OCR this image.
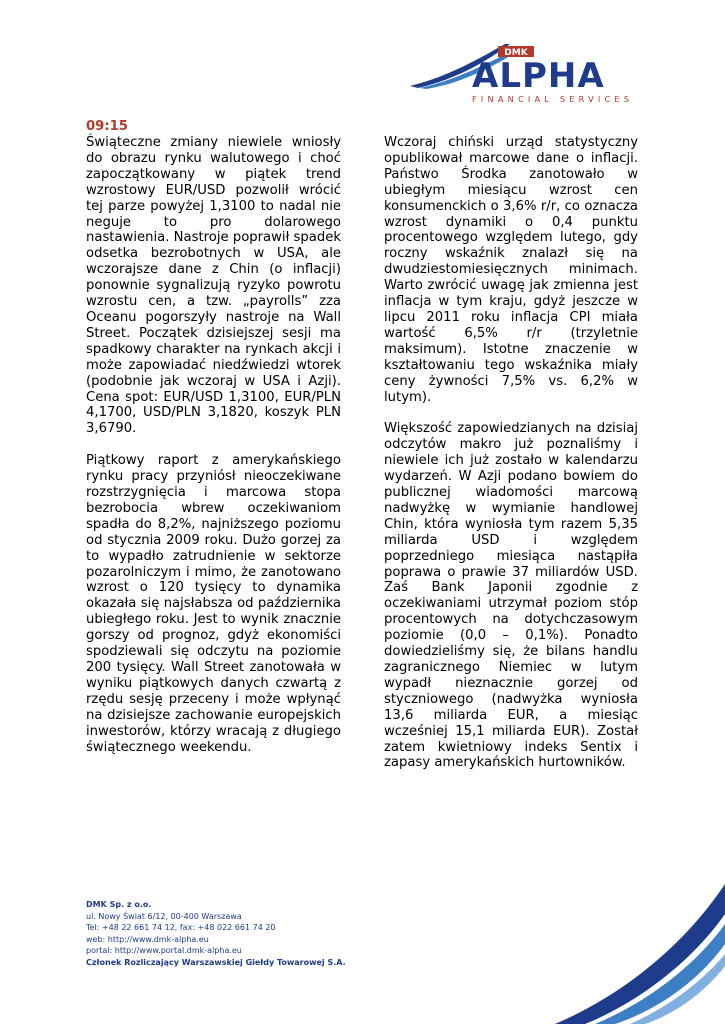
DMK
ALPHA
FINANCIAL SERVICES
09:15

Świąteczne zmiany niewiele wniosły do obrazu rynku walutowego i choć zapoczątkowany w piątek trend wzrostowy EUR/USD pozwolił wrócić tej parze powyżej 1,3100 to nadal nie neguje to pro dolarowego nastawienia. Nastroje poprawił spadek odsetka bezrobotnych w USA, ale wczorajsze dane z Chin (o inflacji) ponownie sygnalizują ryzyko powrotu wzrostu cen, a tzw. „payrolls” zza Oceanu pogorszyły nastroje na Wall Street. Początek dzisiejszej sesji ma spadkowy charakter na rynkach akcji i może zapowiadać niedźwiedzi wtorek (podobnie jak wczoraj w USA i Azji). Cena spot: EUR/USD 1,3100, EUR/PLN 4,1700, USD/PLN 3,1820, koszyk PLN 3,6790.

Piątkowy raport z amerykańskiego rynku pracy przyniósł nieoczekiwane rozstrzygnięcia i marcowa stopa bezrobocia wbrew oczekiwaniom spadła do 8,2%, najniższego poziomu od stycznia 2009 roku. Dużo gorzej za to wypadło zatrudnienie w sektorze pozarolniczym i mimo, że zanotowano wzrost o 120 tysięcy to dynamika okazała się najsłabsza od października ubiegłego roku. Jest to wynik znacznie gorszy od prognoz, gdyż ekonomiści spodziewali się odczytu na poziomie 200 tysięcy. Wall Street zanotowała w wyniku piątkowych danych czwartą z rzędu sesję przeceny i może wpłynąć na dzisiejsze zachowanie europejskich inwestorów, którzy wracają z długiego świątecznego weekendu.

Wczoraj chiński urząd statystyczny opublikował marcowe dane o inflacji. Państwo Środka zanotowało w ubiegłym miesiącu wzrost cen konsumenckich o 3,6% r/r, co oznacza wzrost dynamiki o 0,4 punktu procentowego względem lutego, gdy roczny wskaźnik znalazł się na dwudziestomiesięcznych minimach. Warto zwrócić uwagę jak zmienna jest inflacja w tym kraju, gdyż jeszcze w lipcu 2011 roku inflacja CPI miała wartość 6,5% r/r (trzyletnie maksimum). Istotne znaczenie w kształtowaniu tego wskaźnika miały ceny żywności 7,5% vs. 6,2% w lutym).

Większość zapowiedzianych na dzisiaj odczytów makro już poznaliśmy i niewiele ich już zostało w kalendarzu wydarzeń. W Azji podano bowiem do publicznej wiadomości marcową nadwyżkę w wymianie handlowej Chin, która wyniosła tym razem 5,35 miliarda USD i względem poprzedniego miesiąca nastąpiła poprawa o prawie 37 miliardów USD. Zaś Bank Japonii zgodnie z oczekiwaniami utrzymał poziom stóp procentowych na dotychczasowym poziomie (0,0 – 0,1%). Ponadto dowiedzieliśmy się, że bilans handlu zagranicznego Niemiec w lutym wypadł nieznacznie gorzej od styczniowego (nadwyżka wyniosła 13,6 miliarda EUR, a miesiąc wcześniej 15,1 miliarda EUR). Został zatem kwietniowy indeks Sentix i zapasy amerykańskich hurtowników.

DMK Sp. z o.o.
ul. Nowy Świat 6/12, 00-400 Warszawa
Tel: +48 22 661 74 12, fax: +48 022 661 74 20
web: http://www.dmk-alpha.eu
portal: http://www.portal.dmk-alpha.eu
Członek Rozliczający Warszawskiej Giełdy Towarowej S.A.
